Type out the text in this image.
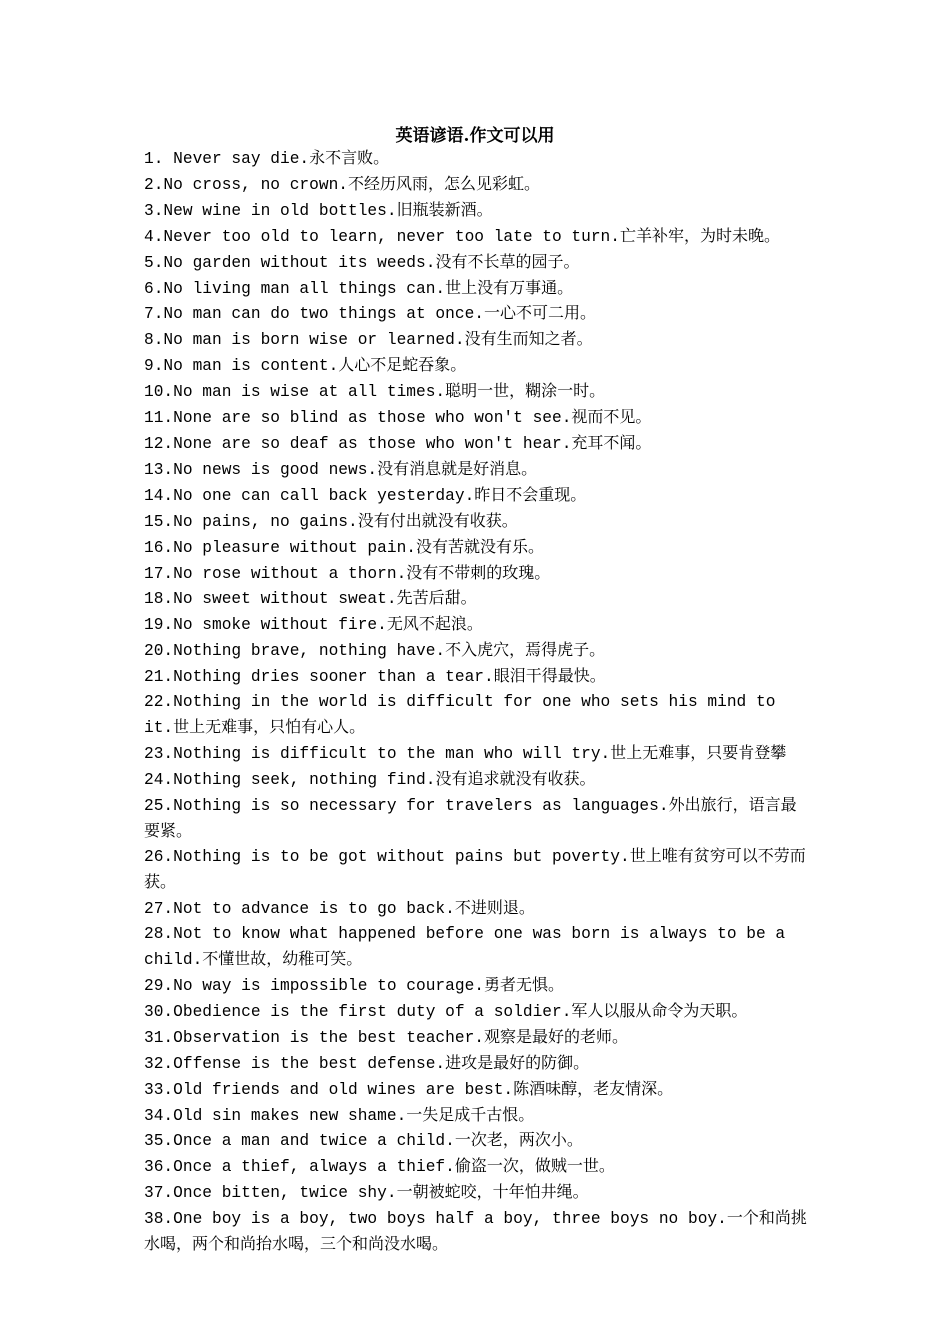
英语谚语.作文可以用
1. Never say die.永不言败。
2.No cross, no crown.不经历风雨，怎么见彩虹。
3.New wine in old bottles.旧瓶装新酒。
4.Never too old to learn, never too late to turn.亡羊补牢，为时未晚。
5.No garden without its weeds.没有不长草的园子。
6.No living man all things can.世上没有万事通。
7.No man can do two things at once.一心不可二用。
8.No man is born wise or learned.没有生而知之者。
9.No man is content.人心不足蛇吞象。
10.No man is wise at all times.聪明一世，糊涂一时。
11.None are so blind as those who won't see.视而不见。
12.None are so deaf as those who won't hear.充耳不闻。
13.No news is good news.没有消息就是好消息。
14.No one can call back yesterday.昨日不会重现。
15.No pains, no gains.没有付出就没有收获。
16.No pleasure without pain.没有苦就没有乐。
17.No rose without a thorn.没有不带刺的玫瑰。
18.No sweet without sweat.先苦后甜。
19.No smoke without fire.无风不起浪。
20.Nothing brave, nothing have.不入虎穴，焉得虎子。
21.Nothing dries sooner than a tear.眼泪干得最快。
22.Nothing in the world is difficult for one who sets his mind to it.世上无难事，只怕有心人。
23.Nothing is difficult to the man who will try.世上无难事，只要肯登攀
24.Nothing seek, nothing find.没有追求就没有收获。
25.Nothing is so necessary for travelers as languages.外出旅行，语言最要紧。
26.Nothing is to be got without pains but poverty.世上唯有贫穷可以不劳而获。
27.Not to advance is to go back.不进则退。
28.Not to know what happened before one was born is always to be a child.不懂世故，幼稚可笑。
29.No way is impossible to courage.勇者无惧。
30.Obedience is the first duty of a soldier.军人以服从命令为天职。
31.Observation is the best teacher.观察是最好的老师。
32.Offense is the best defense.进攻是最好的防御。
33.Old friends and old wines are best.陈酒味醇，老友情深。
34.Old sin makes new shame.一失足成千古恨。
35.Once a man and twice a child.一次老，两次小。
36.Once a thief, always a thief.偷盗一次，做贼一世。
37.Once bitten, twice shy.一朝被蛇咬，十年怕井绳。
38.One boy is a boy, two boys half a boy, three boys no boy.一个和尚挑水喝，两个和尚抬水喝，三个和尚没水喝。
